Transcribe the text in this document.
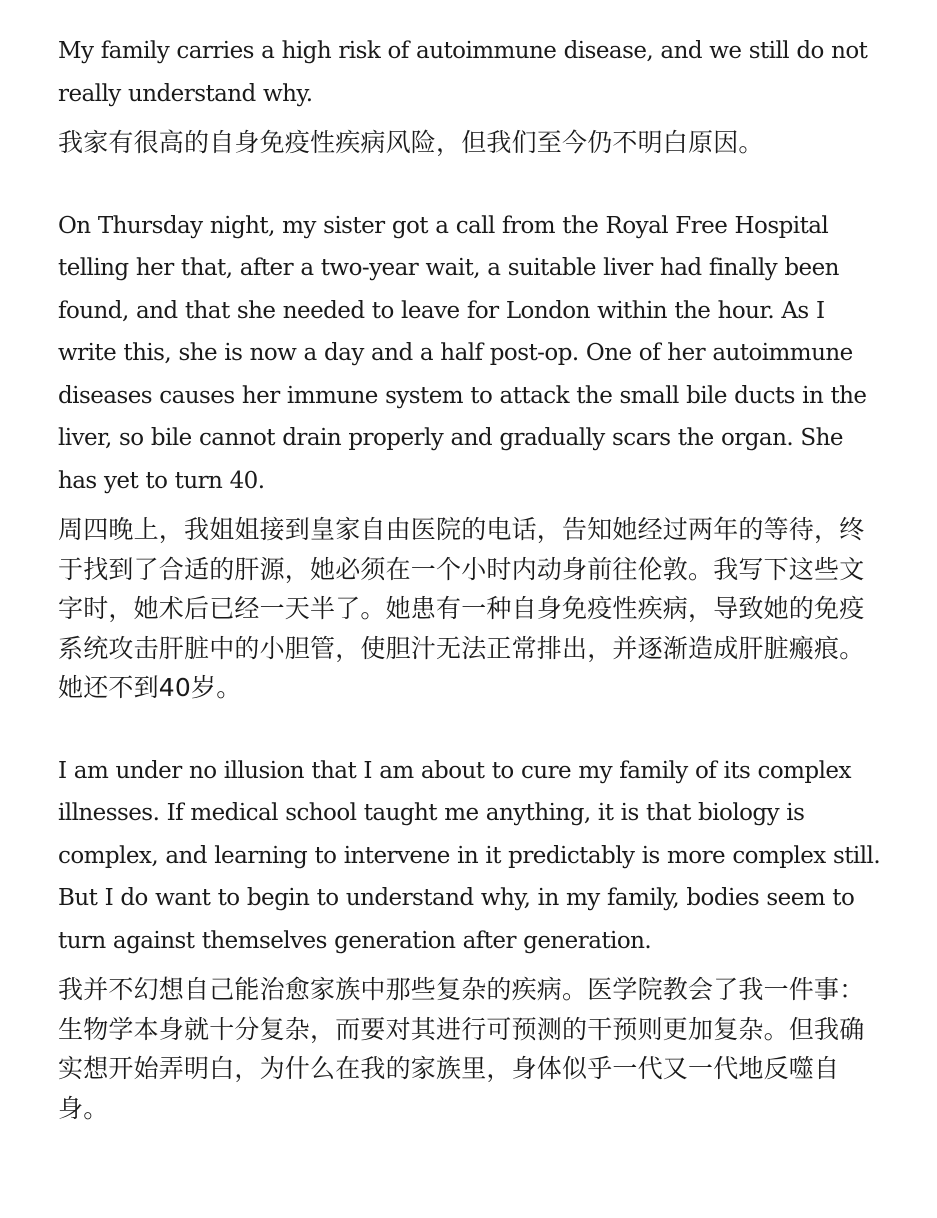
My family carries a high risk of autoimmune disease, and we still do not really understand why.

我家有很高的自身免疫性疾病风险，但我们至今仍不明白原因。

On Thursday night, my sister got a call from the Royal Free Hospital telling her that, after a two-year wait, a suitable liver had finally been found, and that she needed to leave for London within the hour. As I write this, she is now a day and a half post-op. One of her autoimmune diseases causes her immune system to attack the small bile ducts in the liver, so bile cannot drain properly and gradually scars the organ. She has yet to turn 40.

周四晚上，我姐姐接到皇家自由医院的电话，告知她经过两年的等待，终于找到了合适的肝源，她必须在一个小时内动身前往伦敦。我写下这些文字时，她术后已经一天半了。她患有一种自身免疫性疾病，导致她的免疫系统攻击肝脏中的小胆管，使胆汁无法正常排出，并逐渐造成肝脏瘢痕。她还不到40岁。

I am under no illusion that I am about to cure my family of its complex illnesses. If medical school taught me anything, it is that biology is complex, and learning to intervene in it predictably is more complex still. But I do want to begin to understand why, in my family, bodies seem to turn against themselves generation after generation.

我并不幻想自己能治愈家族中那些复杂的疾病。医学院教会了我一件事：生物学本身就十分复杂，而要对其进行可预测的干预则更加复杂。但我确实想开始弄明白，为什么在我的家族里，身体似乎一代又一代地反噬自身。
